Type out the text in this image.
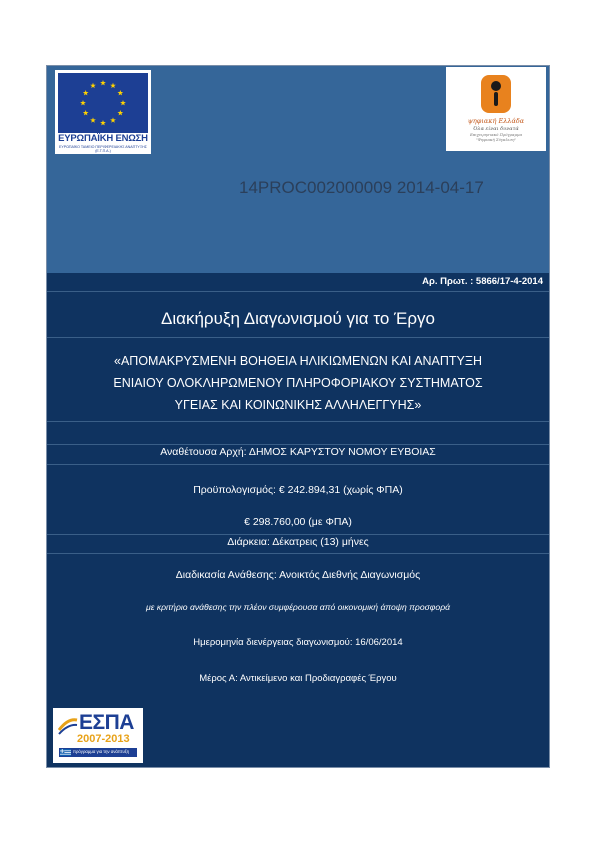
ΕΥΡΩΠΑΪΚΗ ΕΝΩΣΗ
ΕΥΡΩΠΑΪΚΟ ΤΑΜΕΙΟ ΠΕΡΙΦΕΡΕΙΑΚΗΣ ΑΝΑΠΤΥΞΗΣ (Ε.Τ.Π.Α.)
ψηφιακή Ελλάδα
Όλα είναι δυνατά
Επιχειρησιακό Πρόγραμμα
"Ψηφιακή Σύγκλιση"
14PROC002000009 2014-04-17
Αρ. Πρωτ. : 5866/17-4-2014
Διακήρυξη Διαγωνισμού για το Έργο
«ΑΠΟΜΑΚΡΥΣΜΕΝΗ ΒΟΗΘΕΙΑ ΗΛΙΚΙΩΜΕΝΩΝ ΚΑΙ ΑΝΑΠΤΥΞΗ
ΕΝΙΑΙΟΥ ΟΛΟΚΛΗΡΩΜΕΝΟΥ ΠΛΗΡΟΦΟΡΙΑΚΟΥ ΣΥΣΤΗΜΑΤΟΣ
ΥΓΕΙΑΣ ΚΑΙ ΚΟΙΝΩΝΙΚΗΣ ΑΛΛΗΛΕΓΓΥΗΣ»
Αναθέτουσα Αρχή: ΔΗΜΟΣ ΚΑΡΥΣΤΟΥ ΝΟΜΟΥ ΕΥΒΟΙΑΣ
Προϋπολογισμός: € 242.894,31 (χωρίς ΦΠΑ)
€ 298.760,00 (με ΦΠΑ)
Διάρκεια: Δέκατρεις (13) μήνες
Διαδικασία Ανάθεσης: Ανοικτός Διεθνής Διαγωνισμός
με κριτήριο ανάθεσης την πλέον συμφέρουσα από οικονομική άποψη προσφορά
Ημερομηνία διενέργειας διαγωνισμού: 16/06/2014
Μέρος Α: Αντικείμενο και Προδιαγραφές Έργου
ΕΣΠΑ
2007-2013
πρόγραμμα για την ανάπτυξη
